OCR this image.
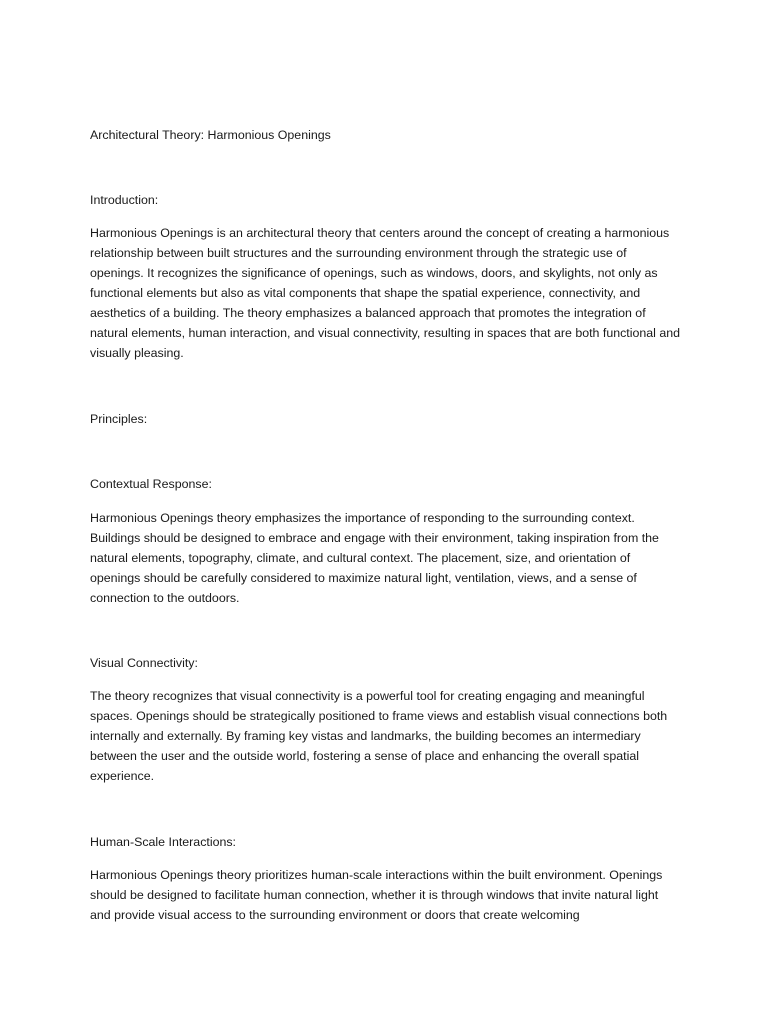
Architectural Theory: Harmonious Openings
Introduction:

Harmonious Openings is an architectural theory that centers around the concept of creating a harmonious relationship between built structures and the surrounding environment through the strategic use of openings. It recognizes the significance of openings, such as windows, doors, and skylights, not only as functional elements but also as vital components that shape the spatial experience, connectivity, and aesthetics of a building. The theory emphasizes a balanced approach that promotes the integration of natural elements, human interaction, and visual connectivity, resulting in spaces that are both functional and visually pleasing.

Principles:
Contextual Response:

Harmonious Openings theory emphasizes the importance of responding to the surrounding context. Buildings should be designed to embrace and engage with their environment, taking inspiration from the natural elements, topography, climate, and cultural context. The placement, size, and orientation of openings should be carefully considered to maximize natural light, ventilation, views, and a sense of connection to the outdoors.

Visual Connectivity:

The theory recognizes that visual connectivity is a powerful tool for creating engaging and meaningful spaces. Openings should be strategically positioned to frame views and establish visual connections both internally and externally. By framing key vistas and landmarks, the building becomes an intermediary between the user and the outside world, fostering a sense of place and enhancing the overall spatial experience.

Human-Scale Interactions:

Harmonious Openings theory prioritizes human-scale interactions within the built environment. Openings should be designed to facilitate human connection, whether it is through windows that invite natural light and provide visual access to the surrounding environment or doors that create welcoming
